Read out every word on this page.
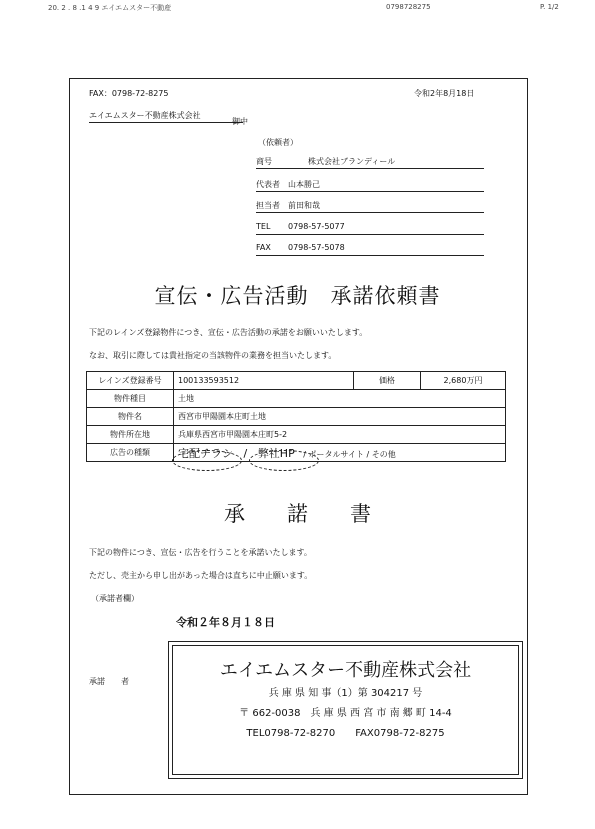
20. 2 . 8 .1 4 9 エイエムスター不動産	0798728275	P. 1/2
FAX：0798-72-8275	令和2年8月18日
エイエムスター不動産株式会社
御中
（依頼者）
商号	株式会社ブランディール
代表者 山本勝己
担当者 前田和哉
TEL 0798-57-5077
FAX 0798-57-5078
宣伝・広告活動　承諾依頼書
下記のレインズ登録物件につき、宣伝・広告活動の承諾をお願いいたします。
なお、取引に際しては貴社指定の当該物件の業務を担当いたします。
レインズ登録番号	100133593512	価格	2,680万円
物件種目	土地		
物件名	西宮市甲陽園本庄町土地		
物件所在地	兵庫県西宮市甲陽園本庄町5-2		
広告の種類	宅配チラシ / 弊社HP / ポータルサイト / その他		
承　　諾　　書
下記の物件につき、宣伝・広告を行うことを承諾いたします。
ただし、売主から申し出があった場合は直ちに中止願います。
（承諾者欄）
令和２年８月１８日
承諾　　者
エイエムスター不動産株式会社
兵 庫 県 知 事（1）第 304217 号
〒 662-0038　兵 庫 県 西 宮 市 南 郷 町 14-4
TEL0798-72-8270　　FAX0798-72-8275
